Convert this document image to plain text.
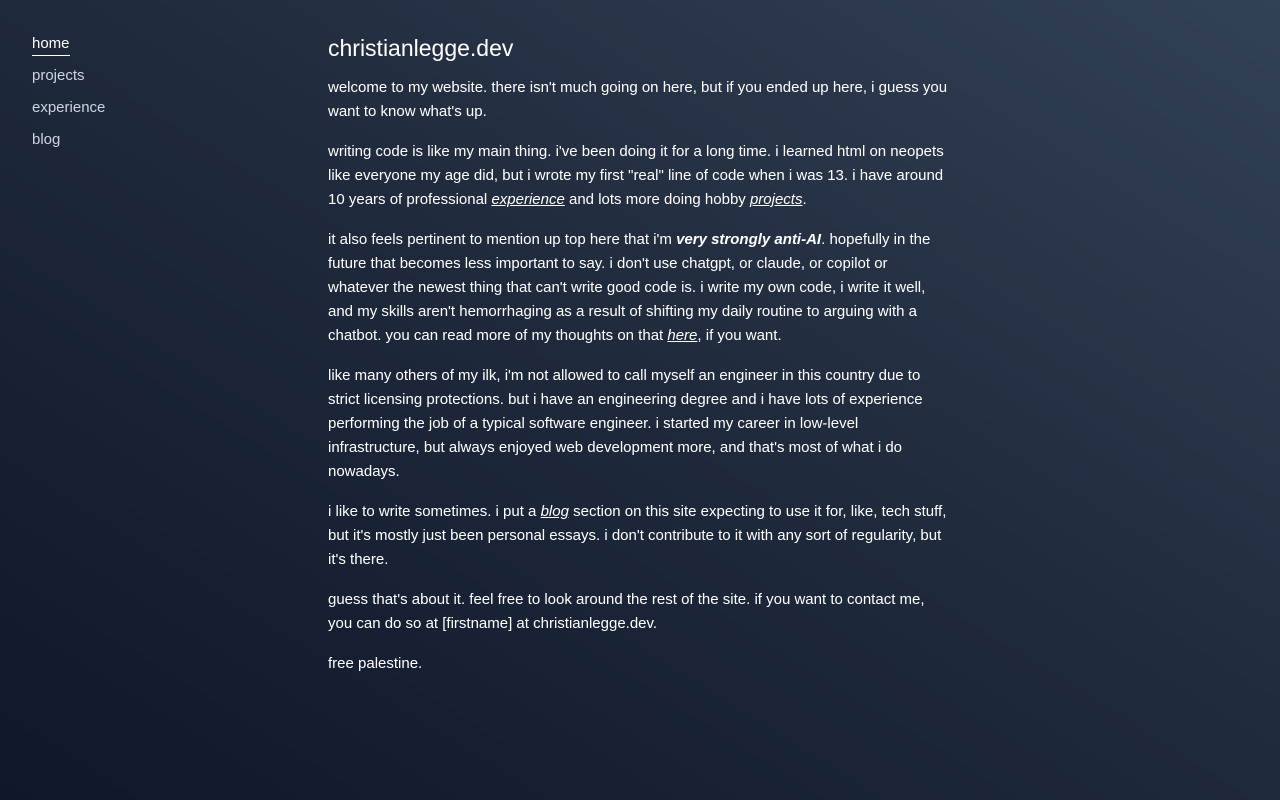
home
projects
experience
blog
christianlegge.dev

welcome to my website. there isn't much going on here, but if you ended up here, i guess you want to know what's up.

writing code is like my main thing. i've been doing it for a long time. i learned html on neopets like everyone my age did, but i wrote my first "real" line of code when i was 13. i have around 10 years of professional experience and lots more doing hobby projects.

it also feels pertinent to mention up top here that i'm very strongly anti-AI. hopefully in the future that becomes less important to say. i don't use chatgpt, or claude, or copilot or whatever the newest thing that can't write good code is. i write my own code, i write it well, and my skills aren't hemorrhaging as a result of shifting my daily routine to arguing with a chatbot. you can read more of my thoughts on that here, if you want.

like many others of my ilk, i'm not allowed to call myself an engineer in this country due to strict licensing protections. but i have an engineering degree and i have lots of experience performing the job of a typical software engineer. i started my career in low-level infrastructure, but always enjoyed web development more, and that's most of what i do nowadays.

i like to write sometimes. i put a blog section on this site expecting to use it for, like, tech stuff, but it's mostly just been personal essays. i don't contribute to it with any sort of regularity, but it's there.

guess that's about it. feel free to look around the rest of the site. if you want to contact me, you can do so at [firstname] at christianlegge.dev.

free palestine.
